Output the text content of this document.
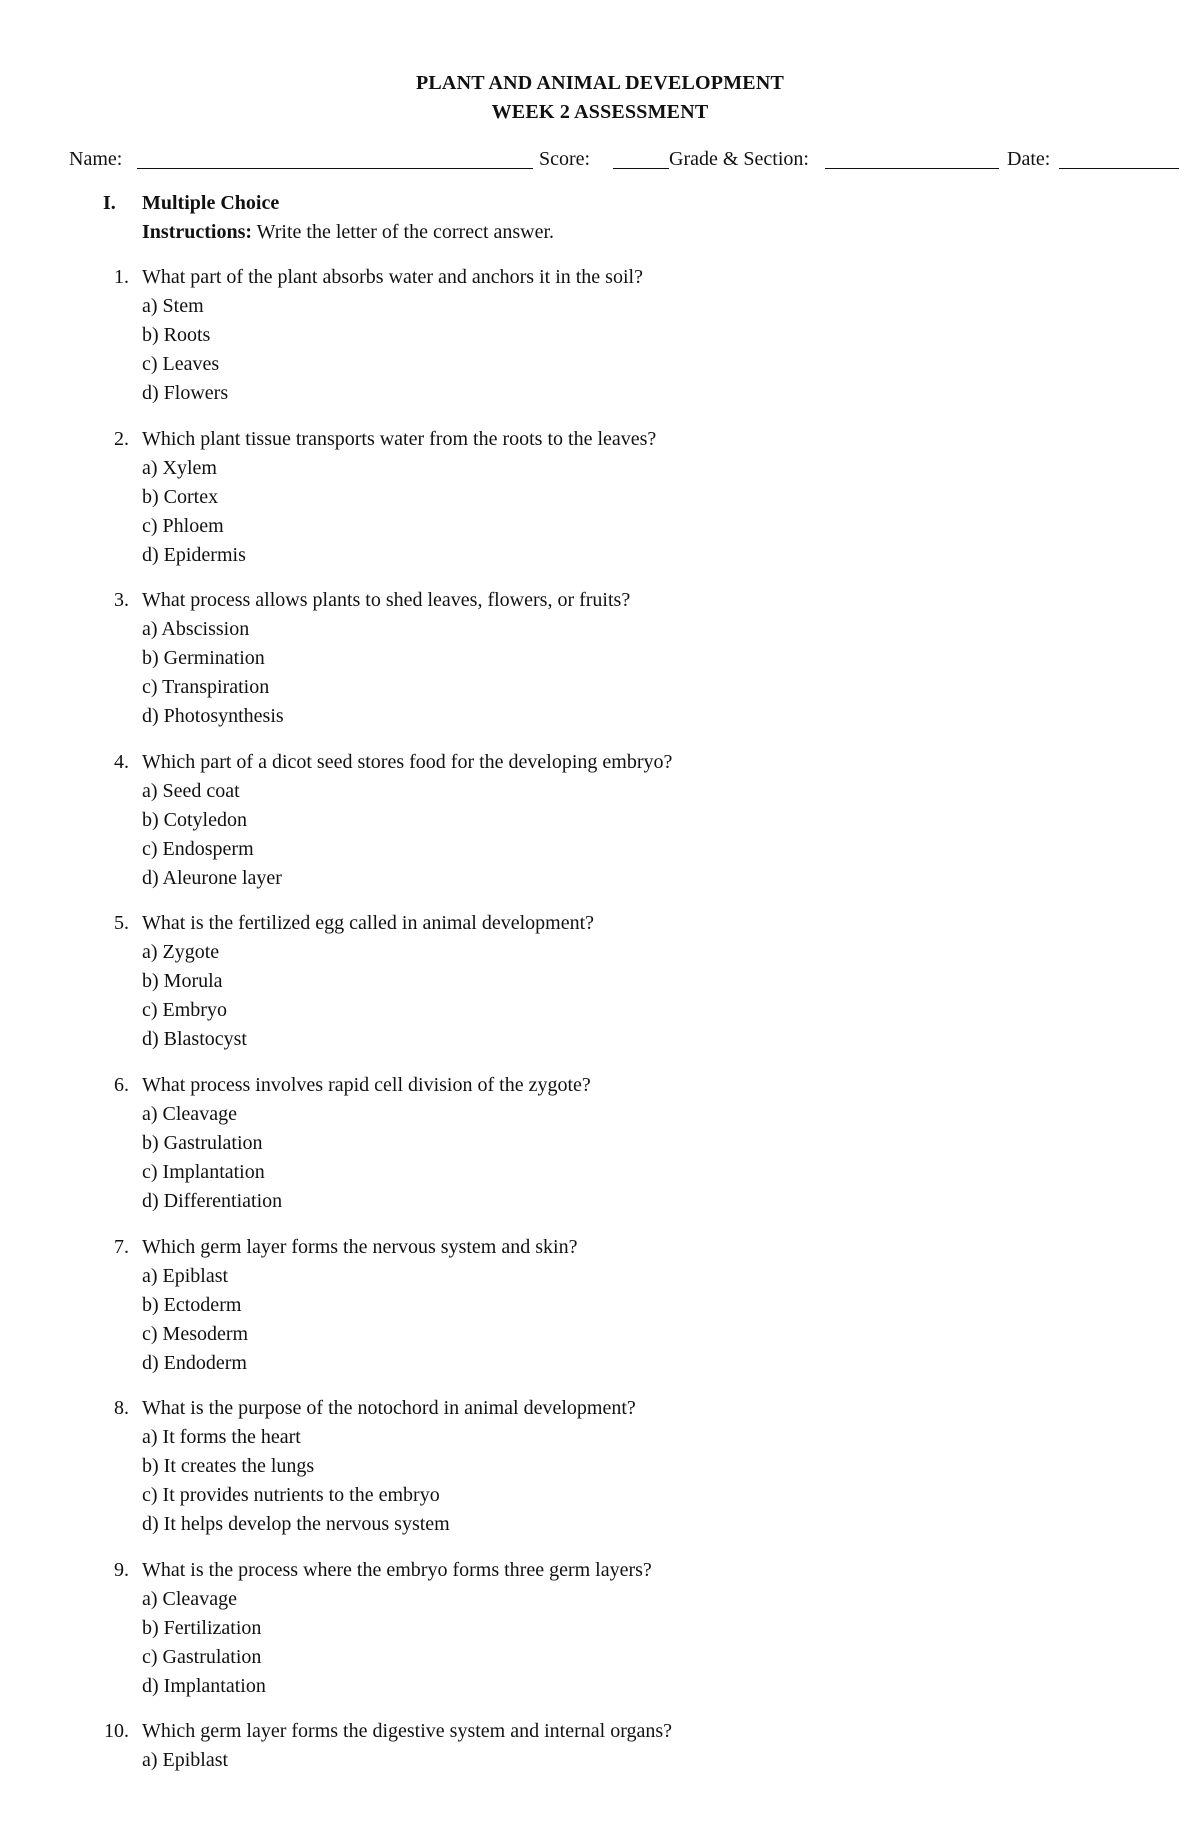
PLANT AND ANIMAL DEVELOPMENT
WEEK 2 ASSESSMENT
Name:	Score:	Grade & Section:	Date:
I. Multiple Choice
Instructions: Write the letter of the correct answer.
1. What part of the plant absorbs water and anchors it in the soil?
a) Stem
b) Roots
c) Leaves
d) Flowers
2. Which plant tissue transports water from the roots to the leaves?
a) Xylem
b) Cortex
c) Phloem
d) Epidermis
3. What process allows plants to shed leaves, flowers, or fruits?
a) Abscission
b) Germination
c) Transpiration
d) Photosynthesis
4. Which part of a dicot seed stores food for the developing embryo?
a) Seed coat
b) Cotyledon
c) Endosperm
d) Aleurone layer
5. What is the fertilized egg called in animal development?
a) Zygote
b) Morula
c) Embryo
d) Blastocyst
6. What process involves rapid cell division of the zygote?
a) Cleavage
b) Gastrulation
c) Implantation
d) Differentiation
7. Which germ layer forms the nervous system and skin?
a) Epiblast
b) Ectoderm
c) Mesoderm
d) Endoderm
8. What is the purpose of the notochord in animal development?
a) It forms the heart
b) It creates the lungs
c) It provides nutrients to the embryo
d) It helps develop the nervous system
9. What is the process where the embryo forms three germ layers?
a) Cleavage
b) Fertilization
c) Gastrulation
d) Implantation
10. Which germ layer forms the digestive system and internal organs?
a) Epiblast
